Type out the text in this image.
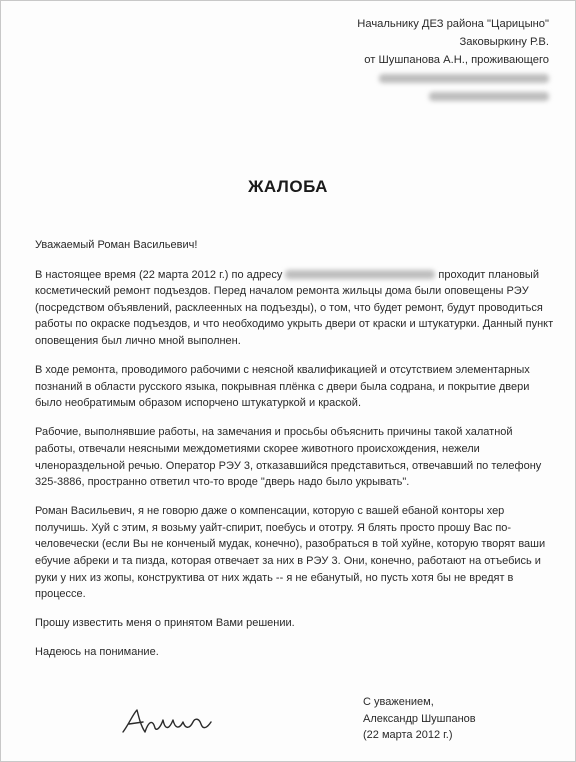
Начальнику ДЕЗ района "Царицыно"
Заковыркину Р.В.
от Шушпанова А.Н., проживающего
ЖАЛОБА

Уважаемый Роман Васильевич!

В настоящее время (22 марта 2012 г.) по адресу	проходит плановый косметический ремонт подъездов. Перед началом ремонта жильцы дома были оповещены РЭУ (посредством объявлений, расклеенных на подъезды), о том, что будет ремонт, будут проводиться работы по окраске подъездов, и что необходимо укрыть двери от краски и штукатурки. Данный пункт оповещения был лично мной выполнен.

В ходе ремонта, проводимого рабочими с неясной квалификацией и отсутствием элементарных познаний в области русского языка, покрывная плёнка с двери была содрана, и покрытие двери было необратимым образом испорчено штукатуркой и краской.

Рабочие, выполнявшие работы, на замечания и просьбы объяснить причины такой халатной работы, отвечали неясными междометиями скорее животного происхождения, нежели членораздельной речью. Оператор РЭУ 3, отказавшийся представиться, отвечавший по телефону 325-3886, прострaнно ответил что-то вроде "дверь надо было укрывать".

Роман Васильевич, я не говорю даже о компенсации, которую с вашей ебаной конторы хер получишь. Хуй с этим, я возьму уайт-спирит, поебусь и ототру. Я блять просто прошу Вас по-человечески (если Вы не конченый мудак, конечно), разобраться в той хуйне, которую творят ваши ебучие абреки и та пизда, которая отвечает за них в РЭУ 3. Они, конечно, работают на отъебись и руки у них из жопы, конструктива от них ждать -- я не ебанутый, но пусть хотя бы не вредят в процессе.

Прошу известить меня о принятом Вами решении.

Надеюсь на понимание.

С уважением,
Александр Шушпанов
(22 марта 2012 г.)
